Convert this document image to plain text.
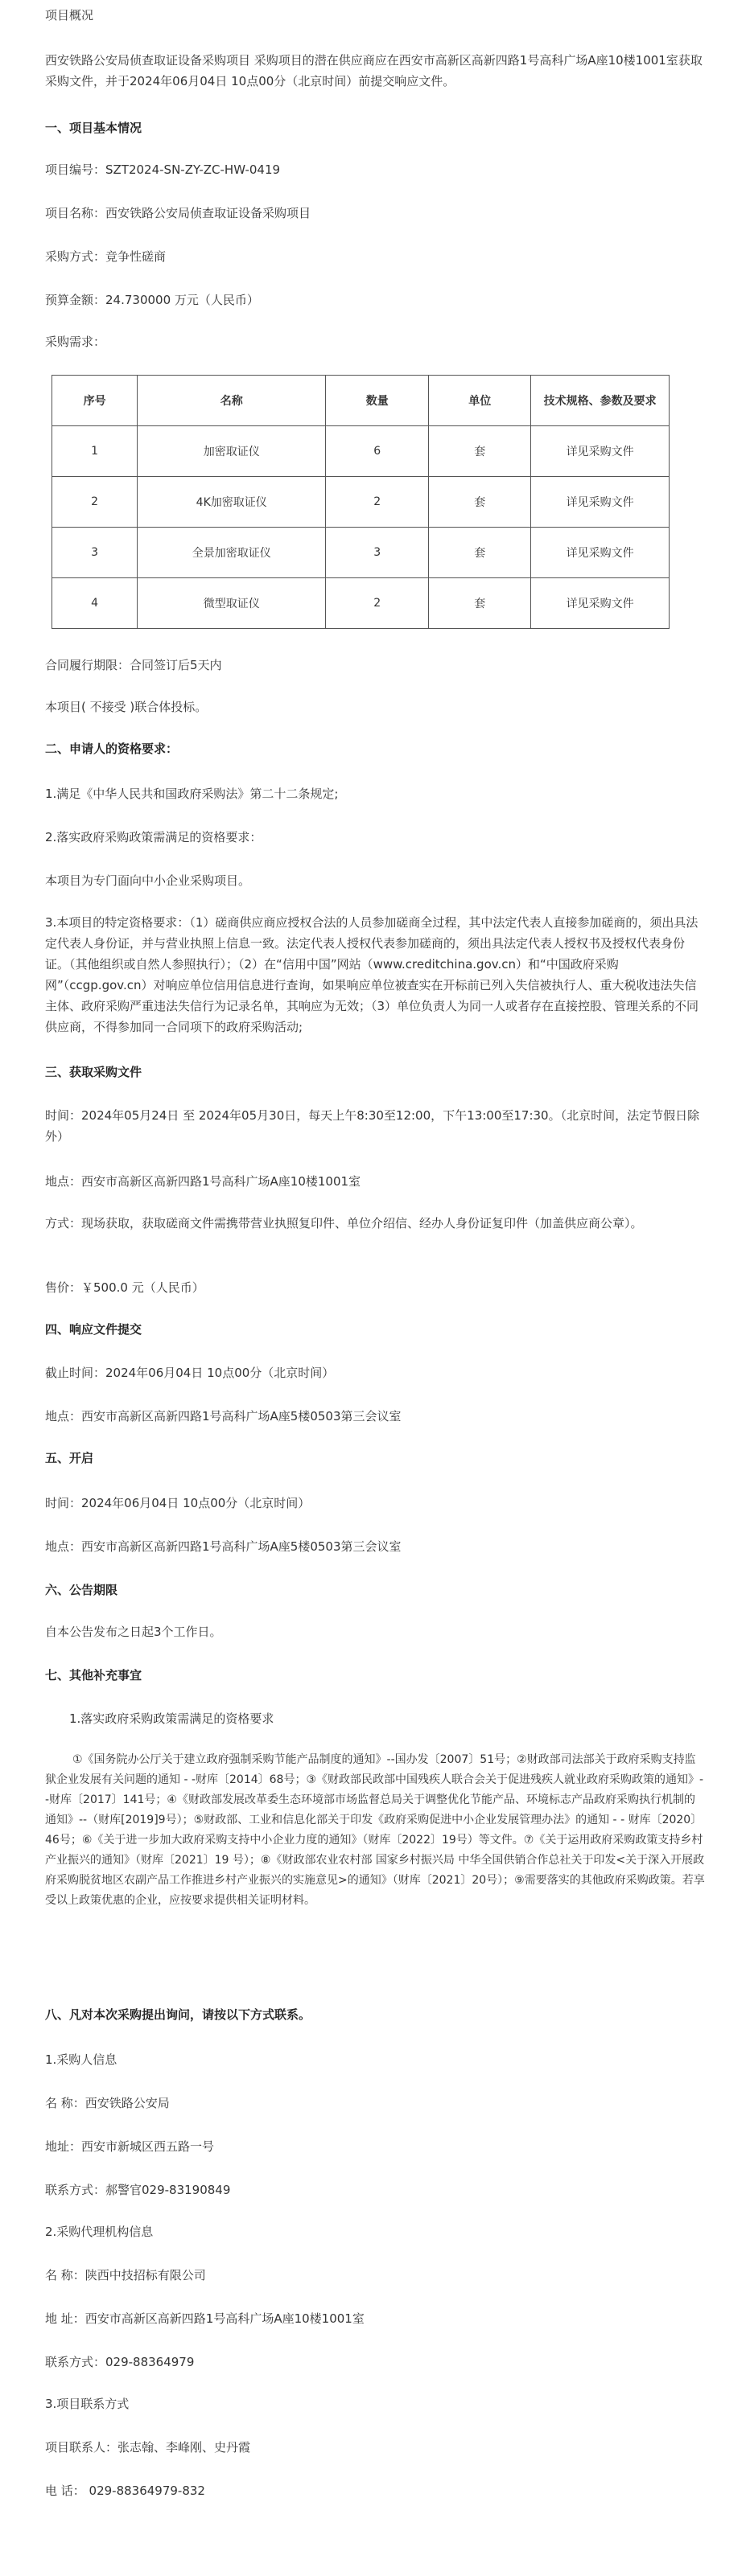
项目概况

西安铁路公安局侦查取证设备采购项目 采购项目的潜在供应商应在西安市高新区高新四路1号高科广场A座10楼1001室获取采购文件，并于2024年06月04日 10点00分（北京时间）前提交响应文件。

一、项目基本情况

项目编号：SZT2024-SN-ZY-ZC-HW-0419

项目名称：西安铁路公安局侦查取证设备采购项目

采购方式：竞争性磋商

预算金额：24.730000 万元（人民币）

采购需求：

序号	名称	数量	单位	技术规格、参数及要求
1	加密取证仪	6	套	详见采购文件
2	4K加密取证仪	2	套	详见采购文件
3	全景加密取证仪	3	套	详见采购文件
4	微型取证仪	2	套	详见采购文件

合同履行期限：合同签订后5天内

本项目( 不接受 )联合体投标。

二、申请人的资格要求：

1.满足《中华人民共和国政府采购法》第二十二条规定;

2.落实政府采购政策需满足的资格要求：

本项目为专门面向中小企业采购项目。

3.本项目的特定资格要求：（1）磋商供应商应授权合法的人员参加磋商全过程，其中法定代表人直接参加磋商的，须出具法定代表人身份证，并与营业执照上信息一致。法定代表人授权代表参加磋商的，须出具法定代表人授权书及授权代表身份证。（其他组织或自然人参照执行）；（2）在“信用中国”网站（www.creditchina.gov.cn）和“中国政府采购网”（ccgp.gov.cn）对响应单位信用信息进行查询，如果响应单位被查实在开标前已列入失信被执行人、重大税收违法失信主体、政府采购严重违法失信行为记录名单，其响应为无效；（3）单位负责人为同一人或者存在直接控股、管理关系的不同供应商，不得参加同一合同项下的政府采购活动;

三、获取采购文件

时间：2024年05月24日 至 2024年05月30日，每天上午8:30至12:00，下午13:00至17:30。（北京时间，法定节假日除外）

地点：西安市高新区高新四路1号高科广场A座10楼1001室

方式：现场获取，获取磋商文件需携带营业执照复印件、单位介绍信、经办人身份证复印件（加盖供应商公章）。

售价：￥500.0 元（人民币）

四、响应文件提交

截止时间：2024年06月04日 10点00分（北京时间）

地点：西安市高新区高新四路1号高科广场A座5楼0503第三会议室

五、开启

时间：2024年06月04日 10点00分（北京时间）

地点：西安市高新区高新四路1号高科广场A座5楼0503第三会议室

六、公告期限

自本公告发布之日起3个工作日。

七、其他补充事宜

1.落实政府采购政策需满足的资格要求

①《国务院办公厅关于建立政府强制采购节能产品制度的通知》--国办发〔2007〕51号；②财政部司法部关于政府采购支持监狱企业发展有关问题的通知 - -财库〔2014〕68号；③《财政部民政部中国残疾人联合会关于促进残疾人就业政府采购政策的通知》--财库〔2017〕141号；④《财政部发展改革委生态环境部市场监督总局关于调整优化节能产品、环境标志产品政府采购执行机制的通知》--（财库[2019]9号）；⑤财政部、工业和信息化部关于印发《政府采购促进中小企业发展管理办法》的通知 - - 财库〔2020〕46号；⑥《关于进一步加大政府采购支持中小企业力度的通知》（财库〔2022〕19号）等文件。⑦《关于运用政府采购政策支持乡村产业振兴的通知》（财库〔2021〕19 号）；⑧《财政部农业农村部 国家乡村振兴局 中华全国供销合作总社关于印发<关于深入开展政府采购脱贫地区农副产品工作推进乡村产业振兴的实施意见>的通知》（财库〔2021〕20号）；⑨需要落实的其他政府采购政策。若享受以上政策优惠的企业，应按要求提供相关证明材料。

八、凡对本次采购提出询问，请按以下方式联系。

1.采购人信息

名 称：西安铁路公安局

地址：西安市新城区西五路一号

联系方式：郝警官029-83190849

2.采购代理机构信息

名 称：陕西中技招标有限公司

地 址：西安市高新区高新四路1号高科广场A座10楼1001室

联系方式：029-88364979

3.项目联系方式

项目联系人：张志翰、李峰刚、史丹霞

电 话： 029-88364979-832
